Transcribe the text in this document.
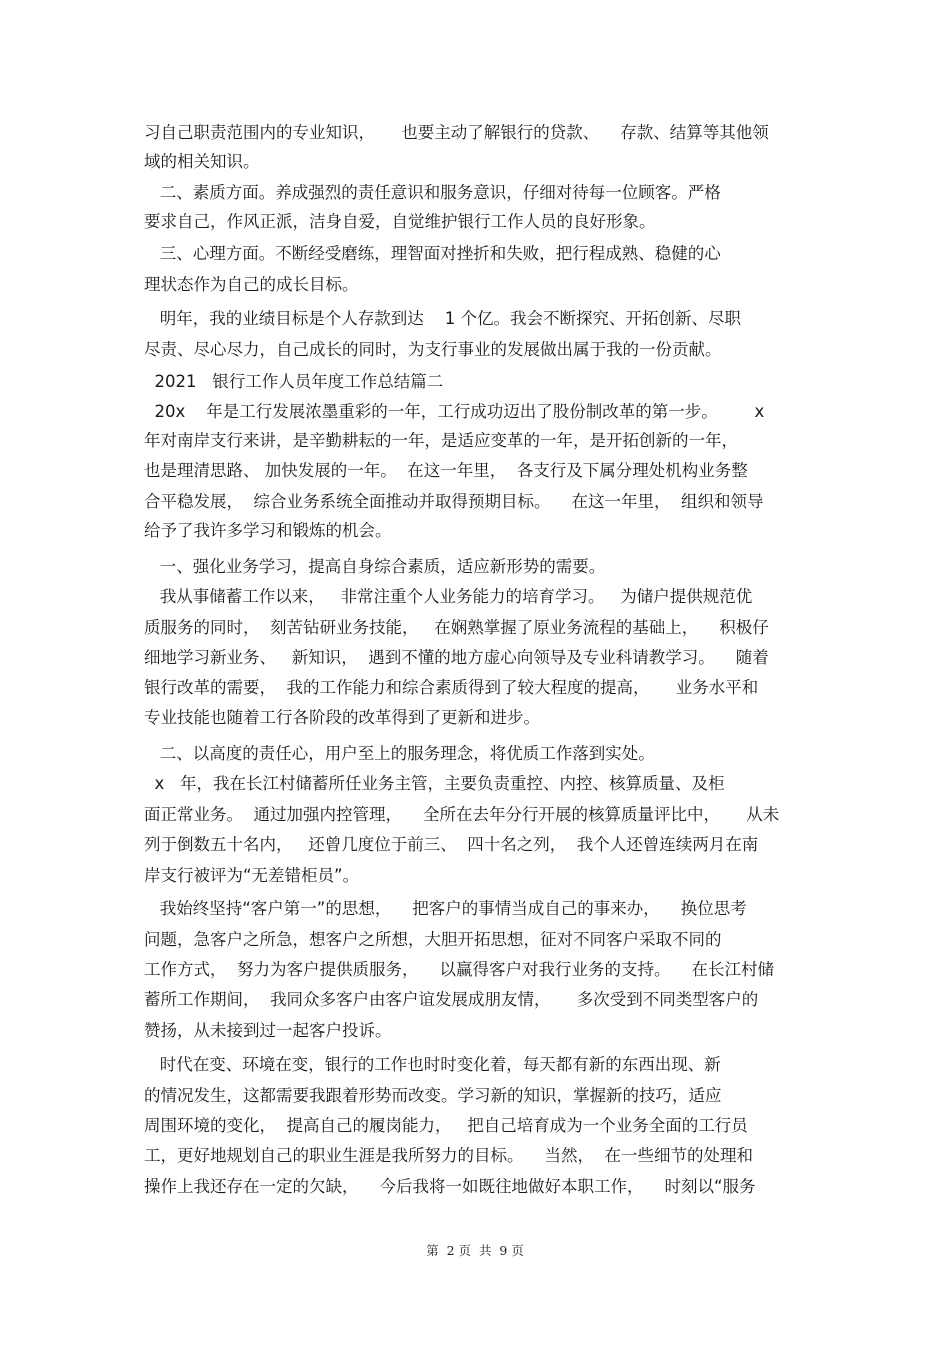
习自己职责范围内的专业知识，     也要主动了解银行的贷款、    存款、结算等其他领
域的相关知识。
二、素质方面。养成强烈的责任意识和服务意识，仔细对待每一位顾客。严格
要求自己，作风正派，洁身自爱，自觉维护银行工作人员的良好形象。
三、心理方面。不断经受磨练，理智面对挫折和失败，把行程成熟、稳健的心
理状态作为自己的成长目标。
明年，我的业绩目标是个人存款到达    1 个亿。我会不断探究、开拓创新、尽职
尽责、尽心尽力，自己成长的同时，为支行事业的发展做出属于我的一份贡献。
2021   银行工作人员年度工作总结篇二
20x    年是工行发展浓墨重彩的一年，工行成功迈出了股份制改革的第一步。       x
年对南岸支行来讲，是辛勤耕耘的一年，是适应变革的一年，是开拓创新的一年，
也是理清思路、 加快发展的一年。  在这一年里，  各支行及下属分理处机构业务整
合平稳发展，  综合业务系统全面推动并取得预期目标。    在这一年里，  组织和领导
给予了我许多学习和锻炼的机会。
一、强化业务学习，提高自身综合素质，适应新形势的需要。
我从事储蓄工作以来，   非常注重个人业务能力的培育学习。   为储户提供规范优
质服务的同时，  刻苦钻研业务技能，   在娴熟掌握了原业务流程的基础上，    积极仔
细地学习新业务、   新知识，  遇到不懂的地方虚心向领导及专业科请教学习。    随着
银行改革的需要，  我的工作能力和综合素质得到了较大程度的提高，     业务水平和
专业技能也随着工行各阶段的改革得到了更新和进步。
二、以高度的责任心，用户至上的服务理念，将优质工作落到实处。
x   年，我在长江村储蓄所任业务主管，主要负责重控、内控、核算质量、及柜
面正常业务。  通过加强内控管理，    全所在去年分行开展的核算质量评比中，     从未
列于倒数五十名内，   还曾几度位于前三、  四十名之列，  我个人还曾连续两月在南
岸支行被评为“无差错柜员”。
我始终坚持“客户第一”的思想，    把客户的事情当成自己的事来办，    换位思考
问题，急客户之所急，想客户之所想，大胆开拓思想，征对不同客户采取不同的
工作方式，  努力为客户提供质服务，    以赢得客户对我行业务的支持。    在长江村储
蓄所工作期间，  我同众多客户由客户谊发展成朋友情，     多次受到不同类型客户的
赞扬，从未接到过一起客户投诉。
时代在变、环境在变，银行的工作也时时变化着，每天都有新的东西出现、新
的情况发生，这都需要我跟着形势而改变。学习新的知识，掌握新的技巧，适应
周围环境的变化，  提高自己的履岗能力，   把自己培育成为一个业务全面的工行员
工，更好地规划自己的职业生涯是我所努力的目标。    当然，  在一些细节的处理和
操作上我还存在一定的欠缺，    今后我将一如既往地做好本职工作，    时刻以“服务
第  2 页  共  9 页
